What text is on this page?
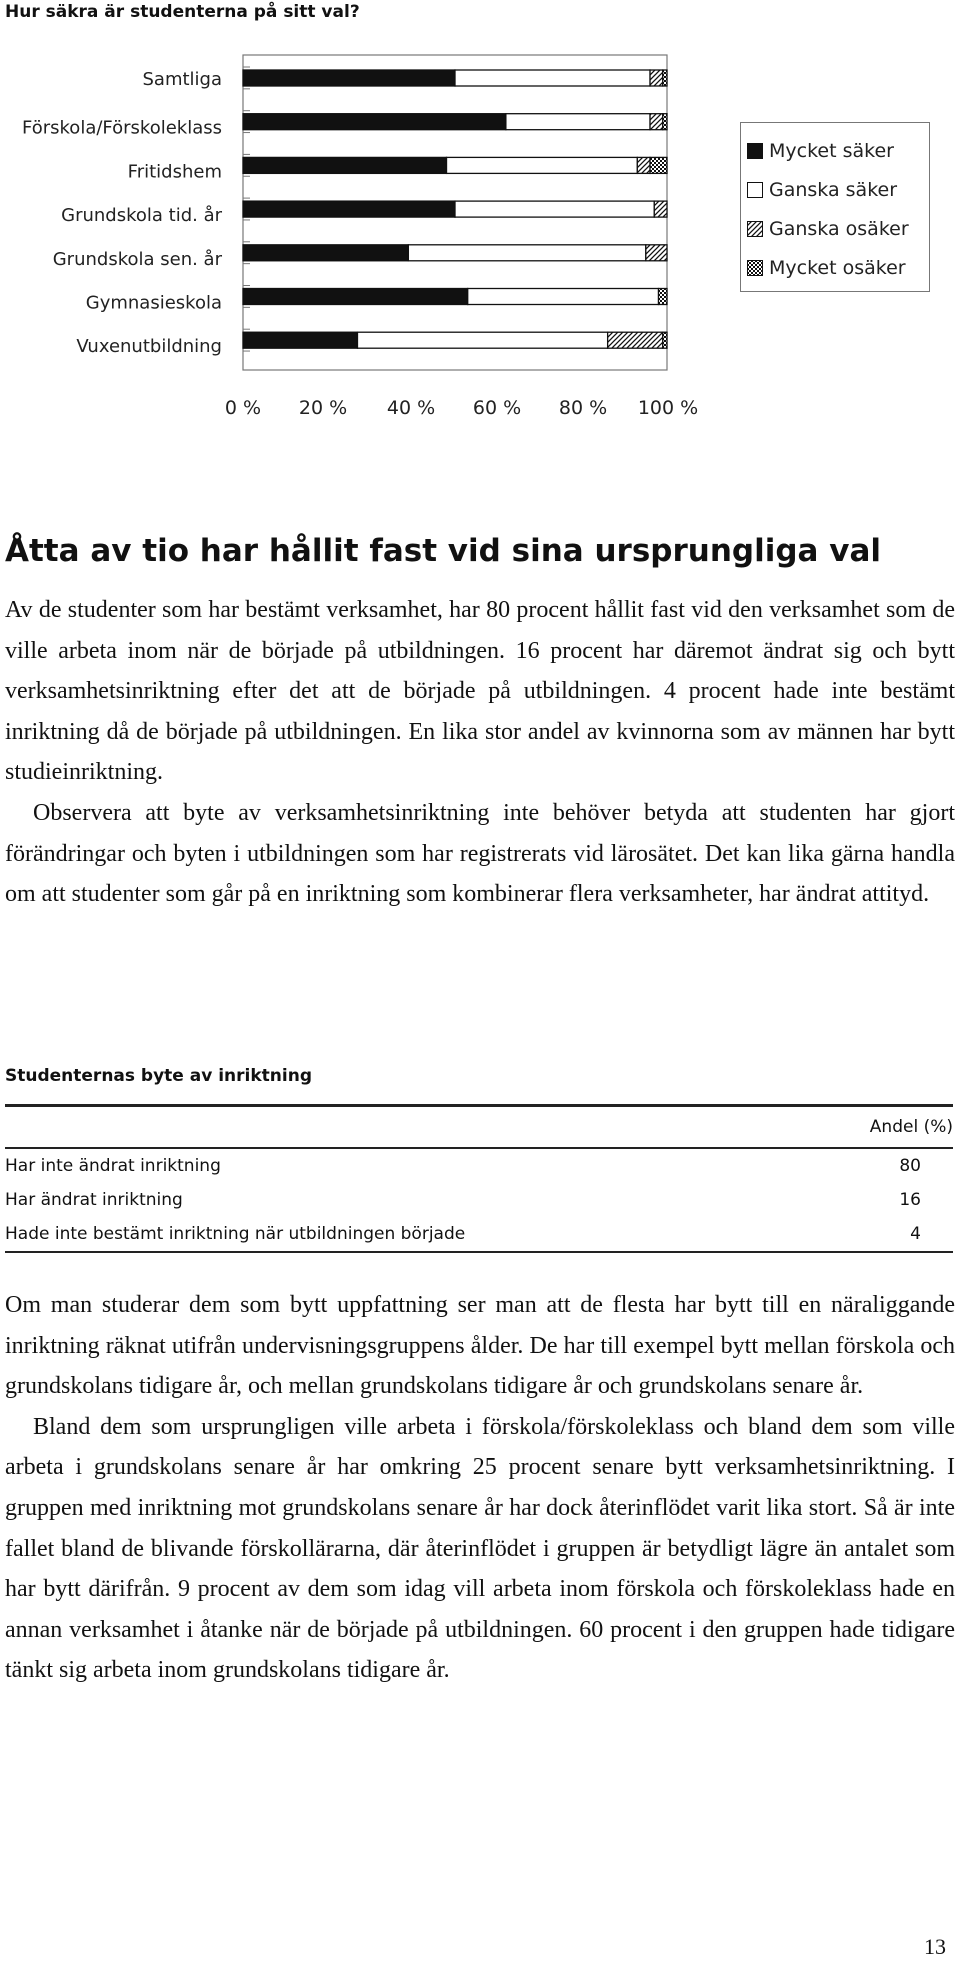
Hur säkra är studenterna på sitt val?
Samtliga
Förskola/Förskoleklass
Fritidshem
Grundskola tid. år
Grundskola sen. år
Gymnasieskola
Vuxenutbildning
0 % 20 % 40 % 60 % 80 % 100 %
Mycket säker
Ganska säker
Ganska osäker
Mycket osäker
Åtta av tio har hållit fast vid sina ursprungliga val

Av de studenter som har bestämt verksamhet, har 80 procent hållit fast vid den verksamhet som de ville arbeta inom när de började på utbildningen. 16 procent har däremot ändrat sig och bytt verksamhetsinriktning efter det att de började på utbildningen. 4 procent hade inte bestämt inriktning då de började på utbildningen. En lika stor andel av kvinnorna som av männen har bytt studieinriktning.

Observera att byte av verksamhetsinriktning inte behöver betyda att studenten har gjort förändringar och byten i utbildningen som har registrerats vid lärosätet. Det kan lika gärna handla om att studenter som går på en inriktning som kombinerar flera verksamheter, har ändrat attityd.

Studenternas byte av inriktning
	Andel (%)
Har inte ändrat inriktning	80
Har ändrat inriktning	16
Hade inte bestämt inriktning när utbildningen började	4

Om man studerar dem som bytt uppfattning ser man att de flesta har bytt till en näraliggande inriktning räknat utifrån undervisningsgruppens ålder. De har till exempel bytt mellan förskola och grundskolans tidigare år, och mellan grundskolans tidigare år och grundskolans senare år.

Bland dem som ursprungligen ville arbeta i förskola/förskoleklass och bland dem som ville arbeta i grundskolans senare år har omkring 25 procent senare bytt verksamhetsinriktning. I gruppen med inriktning mot grundskolans senare år har dock återinflödet varit lika stort. Så är inte fallet bland de blivande förskollärarna, där återinflödet i gruppen är betydligt lägre än antalet som har bytt därifrån. 9 procent av dem som idag vill arbeta inom förskola och förskoleklass hade en annan verksamhet i åtanke när de började på utbildningen. 60 procent i den gruppen hade tidigare tänkt sig arbeta inom grundskolans tidigare år.

13
